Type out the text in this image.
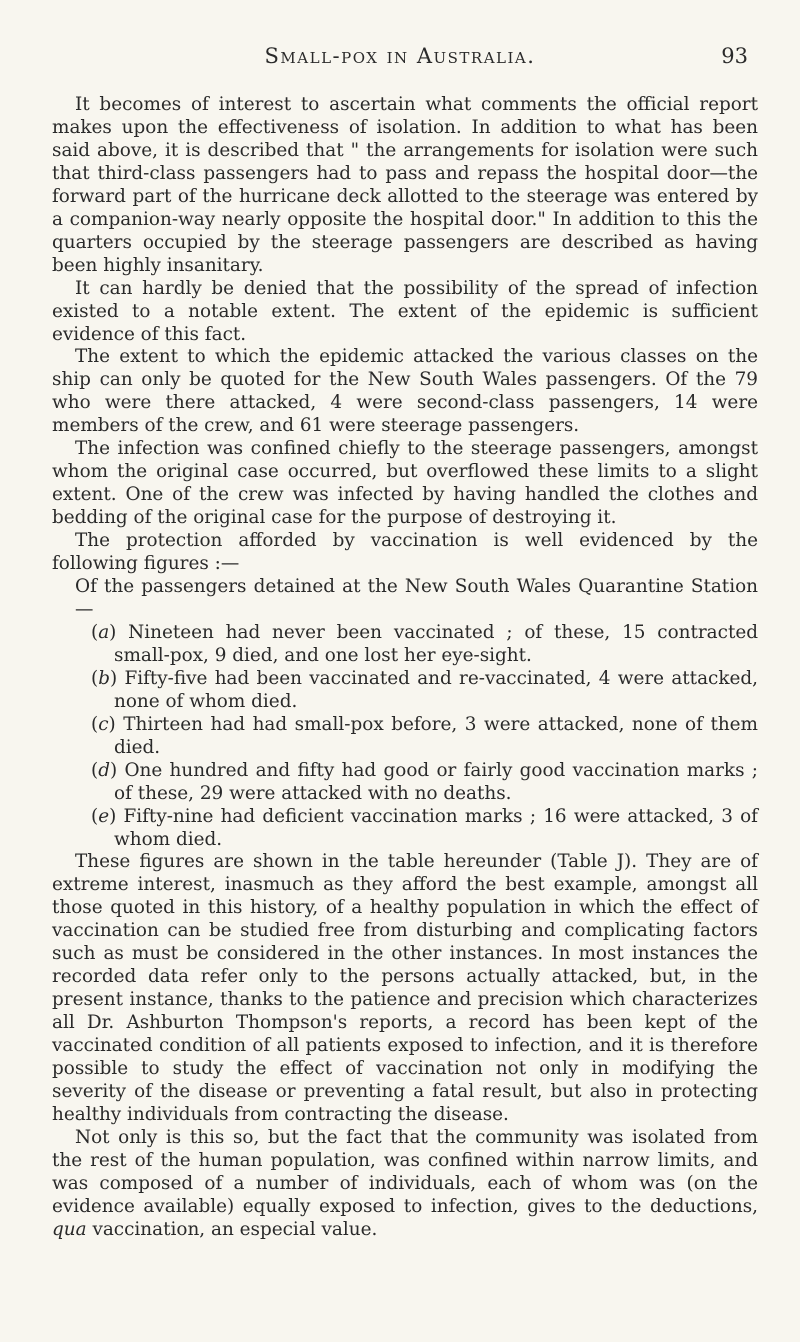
Small-pox in Australia.	93

It becomes of interest to ascertain what comments the official report makes upon the effectiveness of isolation. In addition to what has been said above, it is described that " the arrangements for isolation were such that third-class passengers had to pass and repass the hospital door—the forward part of the hurricane deck allotted to the steerage was entered by a companion-way nearly opposite the hospital door." In addition to this the quarters occupied by the steerage passengers are described as having been highly insanitary.

It can hardly be denied that the possibility of the spread of infection existed to a notable extent. The extent of the epidemic is sufficient evidence of this fact.

The extent to which the epidemic attacked the various classes on the ship can only be quoted for the New South Wales passengers. Of the 79 who were there attacked, 4 were second-class passengers, 14 were members of the crew, and 61 were steerage passengers.

The infection was confined chiefly to the steerage passengers, amongst whom the original case occurred, but overflowed these limits to a slight extent. One of the crew was infected by having handled the clothes and bedding of the original case for the purpose of destroying it.

The protection afforded by vaccination is well evidenced by the following figures :—

Of the passengers detained at the New South Wales Quarantine Station—

(a) Nineteen had never been vaccinated ; of these, 15 contracted small-pox, 9 died, and one lost her eye-sight.

(b) Fifty-five had been vaccinated and re-vaccinated, 4 were attacked, none of whom died.

(c) Thirteen had had small-pox before, 3 were attacked, none of them died.

(d) One hundred and fifty had good or fairly good vaccination marks ; of these, 29 were attacked with no deaths.

(e) Fifty-nine had deficient vaccination marks ; 16 were attacked, 3 of whom died.

These figures are shown in the table hereunder (Table J). They are of extreme interest, inasmuch as they afford the best example, amongst all those quoted in this history, of a healthy population in which the effect of vaccination can be studied free from disturbing and complicating factors such as must be considered in the other instances. In most instances the recorded data refer only to the persons actually attacked, but, in the present instance, thanks to the patience and precision which characterizes all Dr. Ashburton Thompson's reports, a record has been kept of the vaccinated condition of all patients exposed to infection, and it is therefore possible to study the effect of vaccination not only in modifying the severity of the disease or preventing a fatal result, but also in protecting healthy individuals from contracting the disease.

Not only is this so, but the fact that the community was isolated from the rest of the human population, was confined within narrow limits, and was composed of a number of individuals, each of whom was (on the evidence available) equally exposed to infection, gives to the deductions, qua vaccination, an especial value.
